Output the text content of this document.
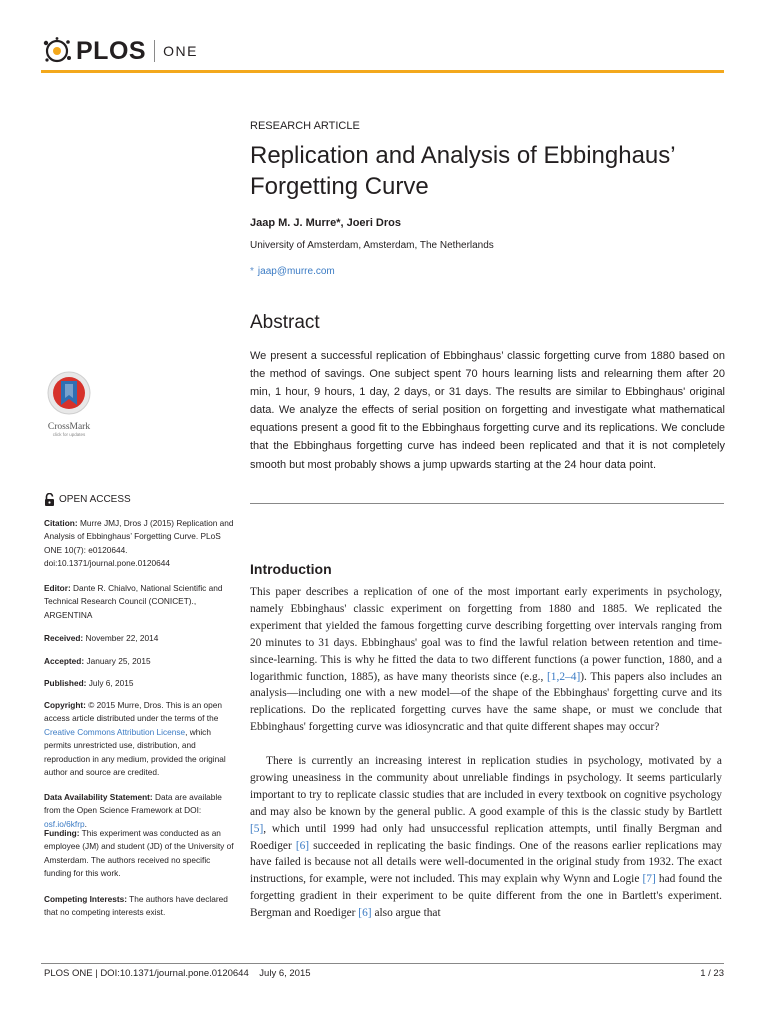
PLOS ONE
RESEARCH ARTICLE
Replication and Analysis of Ebbinghaus’ Forgetting Curve
Jaap M. J. Murre*, Joeri Dros
University of Amsterdam, Amsterdam, The Netherlands
* jaap@murre.com
Abstract
We present a successful replication of Ebbinghaus’ classic forgetting curve from 1880 based on the method of savings. One subject spent 70 hours learning lists and relearning them after 20 min, 1 hour, 9 hours, 1 day, 2 days, or 31 days. The results are similar to Ebbinghaus' original data. We analyze the effects of serial position on forgetting and investigate what mathematical equations present a good fit to the Ebbinghaus forgetting curve and its replications. We conclude that the Ebbinghaus forgetting curve has indeed been replicated and that it is not completely smooth but most probably shows a jump upwards starting at the 24 hour data point.
Introduction
This paper describes a replication of one of the most important early experiments in psychology, namely Ebbinghaus' classic experiment on forgetting from 1880 and 1885. We replicated the experiment that yielded the famous forgetting curve describing forgetting over intervals ranging from 20 minutes to 31 days. Ebbinghaus' goal was to find the lawful relation between retention and time-since-learning. This is why he fitted the data to two different functions (a power function, 1880, and a logarithmic function, 1885), as have many theorists since (e.g., [1,2–4]). This papers also includes an analysis—including one with a new model—of the shape of the Ebbinghaus' forgetting curve and its replications. Do the replicated forgetting curves have the same shape, or must we conclude that Ebbinghaus' forgetting curve was idiosyncratic and that quite different shapes may occur?
There is currently an increasing interest in replication studies in psychology, motivated by a growing uneasiness in the community about unreliable findings in psychology. It seems particularly important to try to replicate classic studies that are included in every textbook on cognitive psychology and may also be known by the general public. A good example of this is the classic study by Bartlett [5], which until 1999 had only had unsuccessful replication attempts, until finally Bergman and Roediger [6] succeeded in replicating the basic findings. One of the reasons earlier replications may have failed is because not all details were well-documented in the original study from 1932. The exact instructions, for example, were not included. This may explain why Wynn and Logie [7] had found the forgetting gradient in their experiment to be quite different from the one in Bartlett's experiment. Bergman and Roediger [6] also argue that
CrossMark
click for updates
OPEN ACCESS
Citation: Murre JMJ, Dros J (2015) Replication and Analysis of Ebbinghaus’ Forgetting Curve. PLoS ONE 10(7): e0120644. doi:10.1371/journal.pone.0120644
Editor: Dante R. Chialvo, National Scientific and Technical Research Council (CONICET)., ARGENTINA
Received: November 22, 2014
Accepted: January 25, 2015
Published: July 6, 2015
Copyright: © 2015 Murre, Dros. This is an open access article distributed under the terms of the Creative Commons Attribution License, which permits unrestricted use, distribution, and reproduction in any medium, provided the original author and source are credited.
Data Availability Statement: Data are available from the Open Science Framework at DOI: osf.io/6kfrp.
Funding: This experiment was conducted as an employee (JM) and student (JD) of the University of Amsterdam. The authors received no specific funding for this work.
Competing Interests: The authors have declared that no competing interests exist.
PLOS ONE | DOI:10.1371/journal.pone.0120644    July 6, 2015	1 / 23
